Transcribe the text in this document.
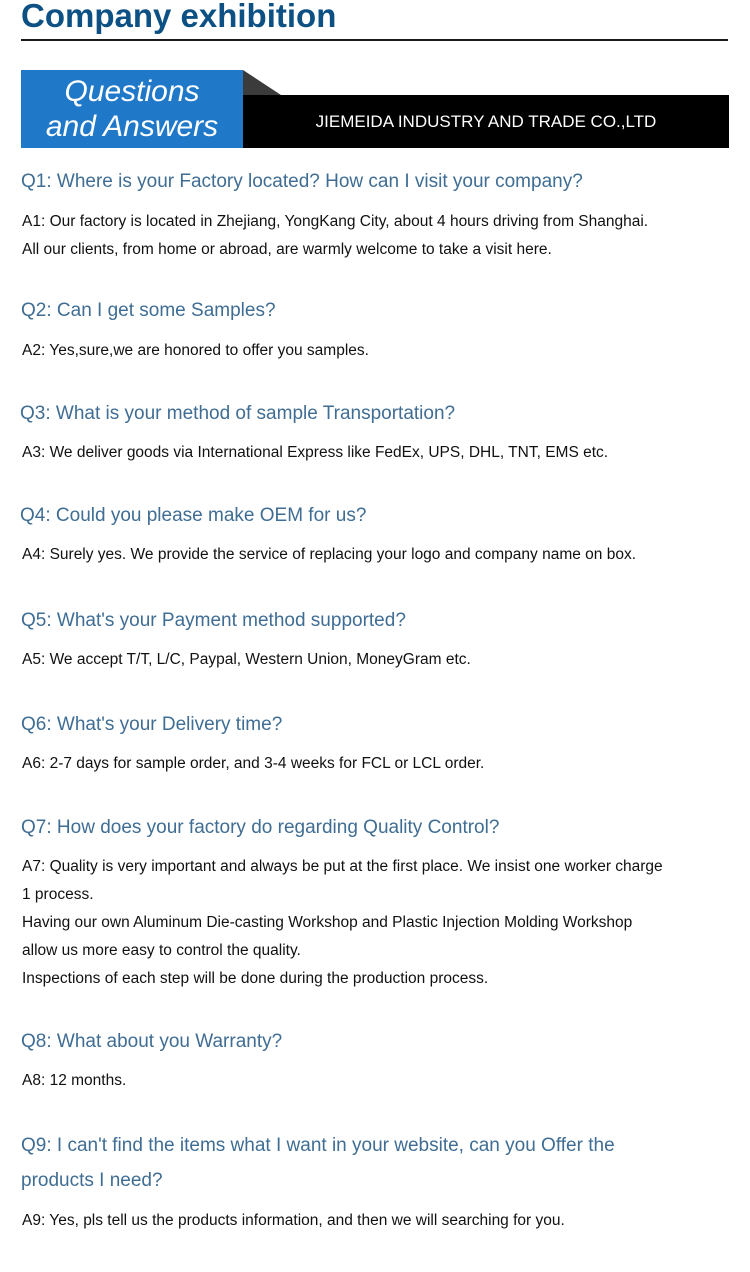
Company exhibition
Questions
and Answers	JIEMEIDA INDUSTRY AND TRADE CO.,LTD

Q1: Where is your Factory located? How can I visit your company?

A1: Our factory is located in Zhejiang, YongKang City, about 4 hours driving from Shanghai.
All our clients, from home or abroad, are warmly welcome to take a visit here.

Q2: Can I get some Samples?

A2: Yes,sure,we are honored to offer you samples.

Q3: What is your method of sample Transportation?

A3: We deliver goods via International Express like FedEx, UPS, DHL, TNT, EMS etc.

Q4: Could you please make OEM for us?

A4: Surely yes. We provide the service of replacing your logo and company name on box.

Q5: What's your Payment method supported?

A5: We accept T/T, L/C, Paypal, Western Union, MoneyGram etc.

Q6: What's your Delivery time?

A6: 2-7 days for sample order, and 3-4 weeks for FCL or LCL order.

Q7: How does your factory do regarding Quality Control?

A7: Quality is very important and always be put at the first place. We insist one worker charge
1 process.
Having our own Aluminum Die-casting Workshop and Plastic Injection Molding Workshop
allow us more easy to control the quality.
Inspections of each step will be done during the production process.

Q8: What about you Warranty?

A8: 12 months.

Q9: I can't find the items what I want in your website, can you Offer the
products I need?

A9: Yes, pls tell us the products information, and then we will searching for you.
